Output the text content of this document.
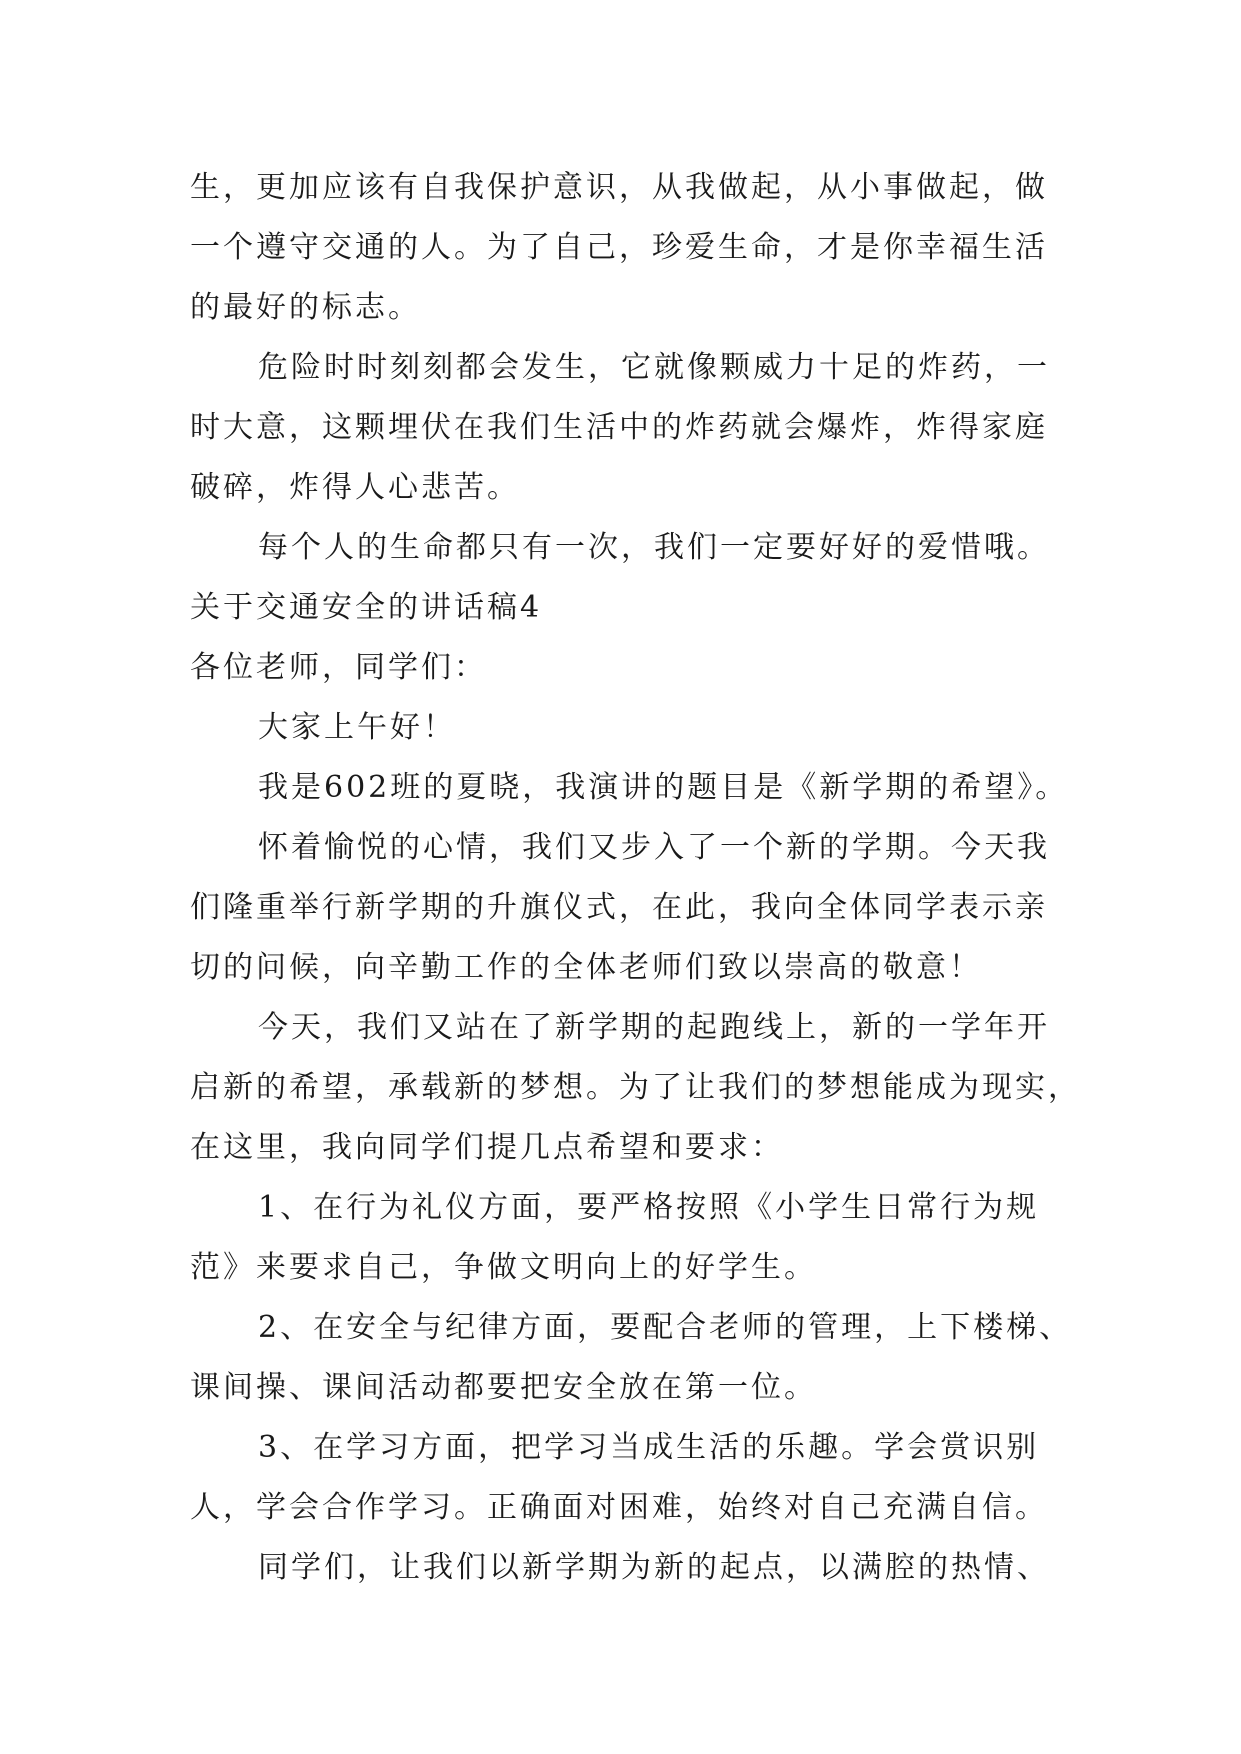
生，更加应该有自我保护意识，从我做起，从小事做起，做
一个遵守交通的人。为了自己，珍爱生命，才是你幸福生活
的最好的标志。
危险时时刻刻都会发生，它就像颗威力十足的炸药，一
时大意，这颗埋伏在我们生活中的炸药就会爆炸，炸得家庭
破碎，炸得人心悲苦。
每个人的生命都只有一次，我们一定要好好的爱惜哦。
关于交通安全的讲话稿4
各位老师，同学们：
大家上午好！
我是602班的夏晓，我演讲的题目是《新学期的希望》。
怀着愉悦的心情，我们又步入了一个新的学期。今天我
们隆重举行新学期的升旗仪式，在此，我向全体同学表示亲
切的问候，向辛勤工作的全体老师们致以崇高的敬意！
今天，我们又站在了新学期的起跑线上，新的一学年开
启新的希望，承载新的梦想。为了让我们的梦想能成为现实，
在这里，我向同学们提几点希望和要求：
1、在行为礼仪方面，要严格按照《小学生日常行为规
范》来要求自己，争做文明向上的好学生。
2、在安全与纪律方面，要配合老师的管理，上下楼梯、
课间操、课间活动都要把安全放在第一位。
3、在学习方面，把学习当成生活的乐趣。学会赏识别
人，学会合作学习。正确面对困难，始终对自己充满自信。
同学们，让我们以新学期为新的起点，以满腔的热情、
